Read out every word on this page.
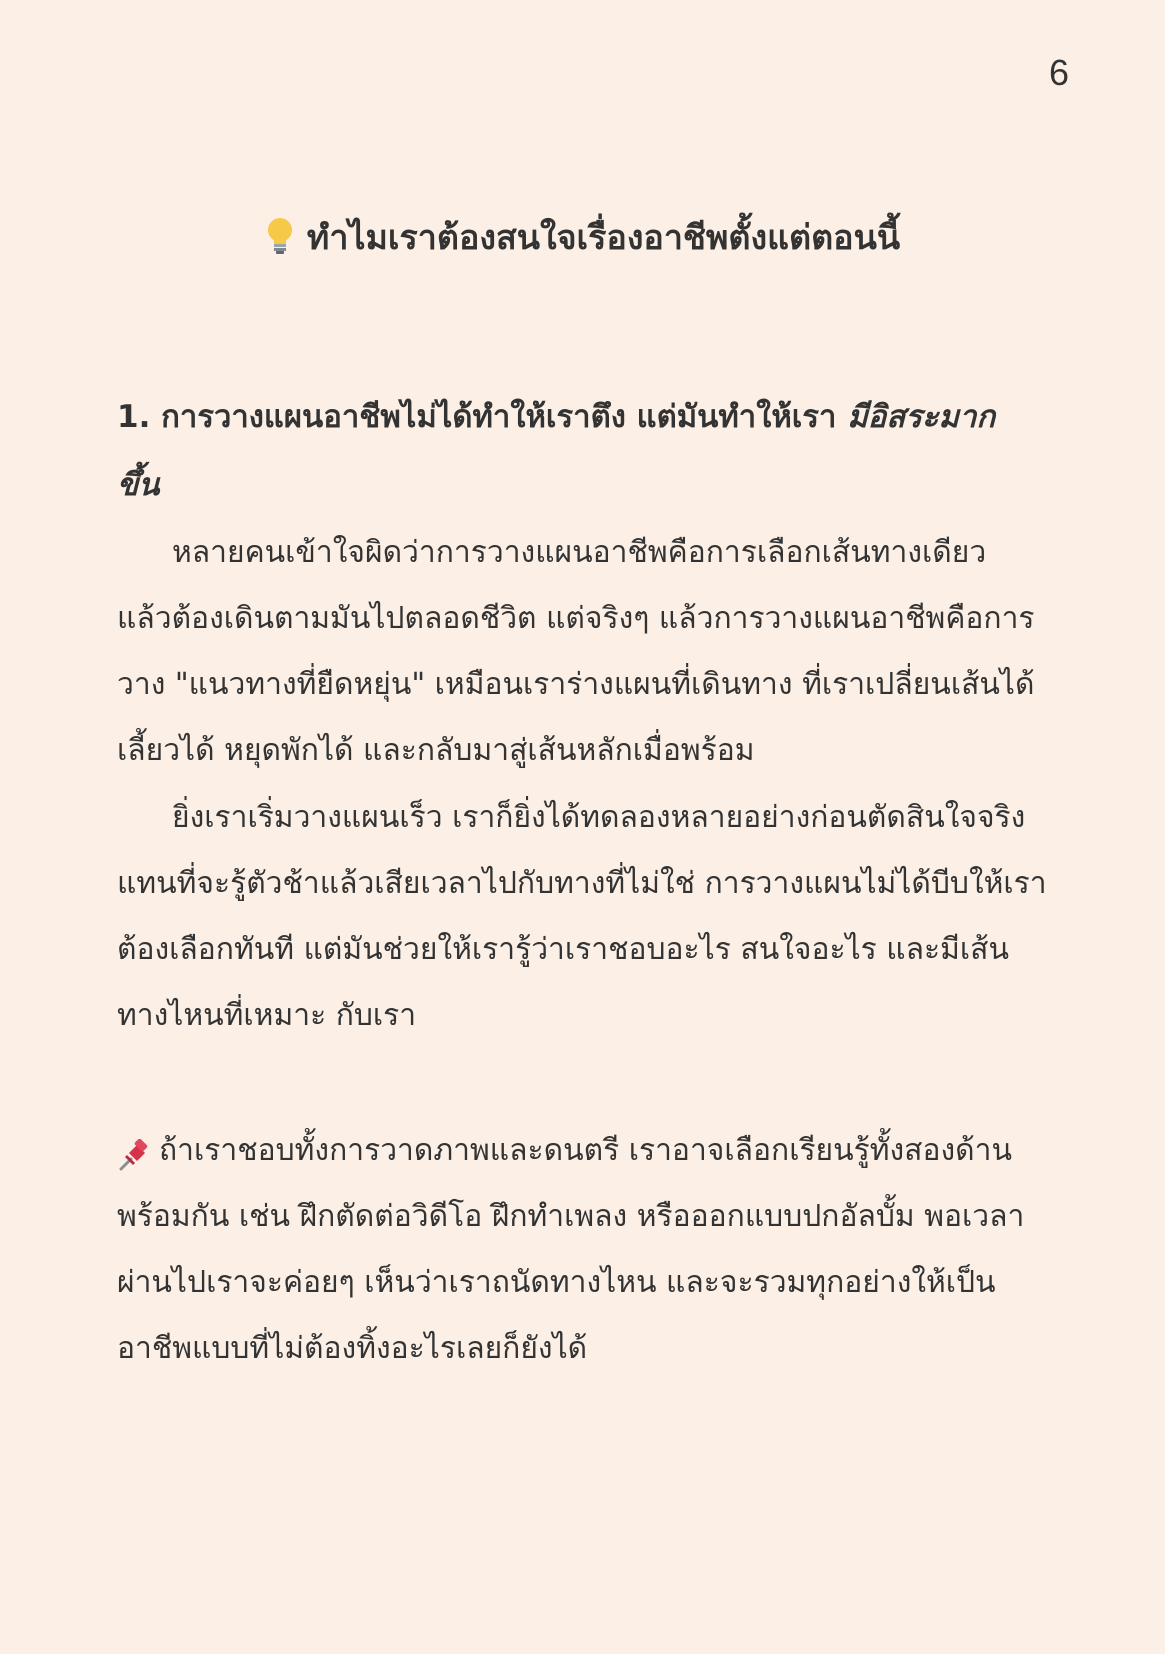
6
ทำไมเราต้องสนใจเรื่องอาชีพตั้งแต่ตอนนี้
1. การวางแผนอาชีพไม่ได้ทำให้เราตึง แต่มันทำให้เรา มีอิสระมากขึ้น
หลายคนเข้าใจผิดว่าการวางแผนอาชีพคือการเลือกเส้นทางเดียว แล้วต้องเดินตามมันไปตลอดชีวิต แต่จริงๆ แล้วการวางแผนอาชีพคือการวาง "แนวทางที่ยืดหยุ่น" เหมือนเราร่างแผนที่เดินทาง ที่เราเปลี่ยนเส้นได้ เลี้ยวได้ หยุดพักได้ และกลับมาสู่เส้นหลักเมื่อพร้อม
ยิ่งเราเริ่มวางแผนเร็ว เราก็ยิ่งได้ทดลองหลายอย่างก่อนตัดสินใจจริง แทนที่จะรู้ตัวช้าแล้วเสียเวลาไปกับทางที่ไม่ใช่ การวางแผนไม่ได้บีบให้เราต้องเลือกทันที แต่มันช่วยให้เรารู้ว่าเราชอบอะไร สนใจอะไร และมีเส้นทางไหนที่เหมาะ กับเรา
ถ้าเราชอบทั้งการวาดภาพและดนตรี เราอาจเลือกเรียนรู้ทั้งสองด้านพร้อมกัน เช่น ฝึกตัดต่อวิดีโอ ฝึกทำเพลง หรือออกแบบปกอัลบั้ม พอเวลาผ่านไปเราจะค่อยๆ เห็นว่าเราถนัดทางไหน และจะรวมทุกอย่างให้เป็นอาชีพแบบที่ไม่ต้องทิ้งอะไรเลยก็ยังได้
